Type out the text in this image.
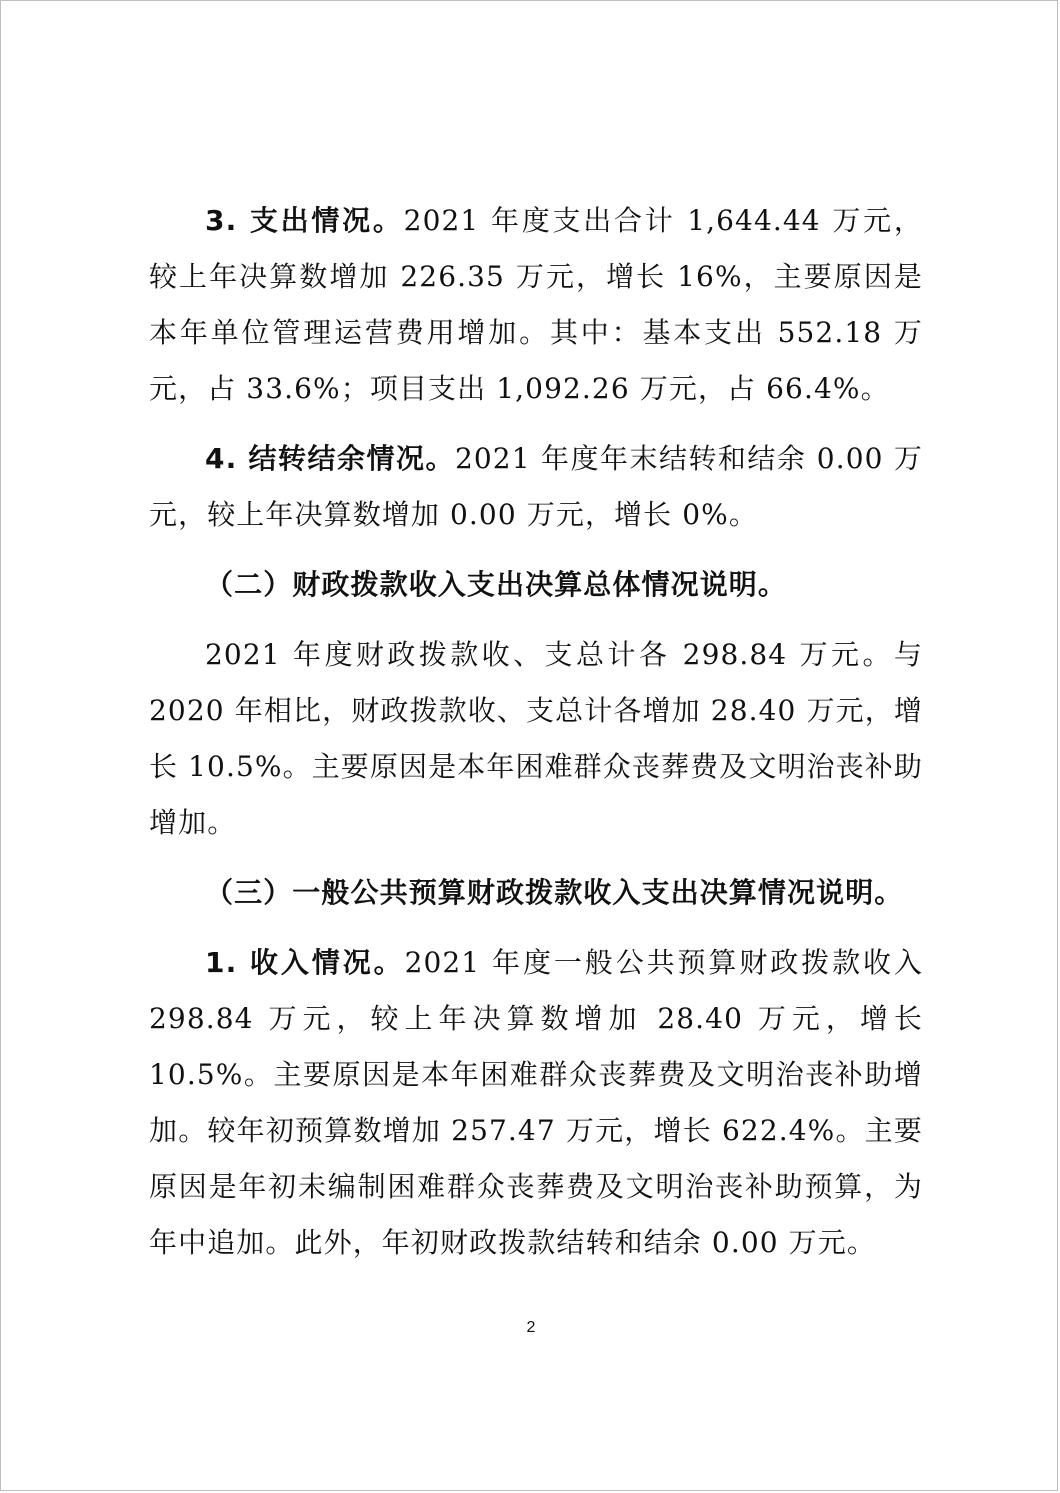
3. 支出情况。2021 年度支出合计 1,644.44 万元，较上年决算数增加 226.35 万元，增长 16%，主要原因是本年单位管理运营费用增加。其中：基本支出 552.18 万元，占 33.6%；项目支出 1,092.26 万元，占 66.4%。

4. 结转结余情况。2021 年度年末结转和结余 0.00 万元，较上年决算数增加 0.00 万元，增长 0%。

（二）财政拨款收入支出决算总体情况说明。

2021 年度财政拨款收、支总计各 298.84 万元。与 2020 年相比，财政拨款收、支总计各增加 28.40 万元，增长 10.5%。主要原因是本年困难群众丧葬费及文明治丧补助增加。

（三）一般公共预算财政拨款收入支出决算情况说明。

1. 收入情况。2021 年度一般公共预算财政拨款收入 298.84 万元，较上年决算数增加 28.40 万元，增长 10.5%。主要原因是本年困难群众丧葬费及文明治丧补助增加。较年初预算数增加 257.47 万元，增长 622.4%。主要原因是年初未编制困难群众丧葬费及文明治丧补助预算，为年中追加。此外，年初财政拨款结转和结余 0.00 万元。

2
